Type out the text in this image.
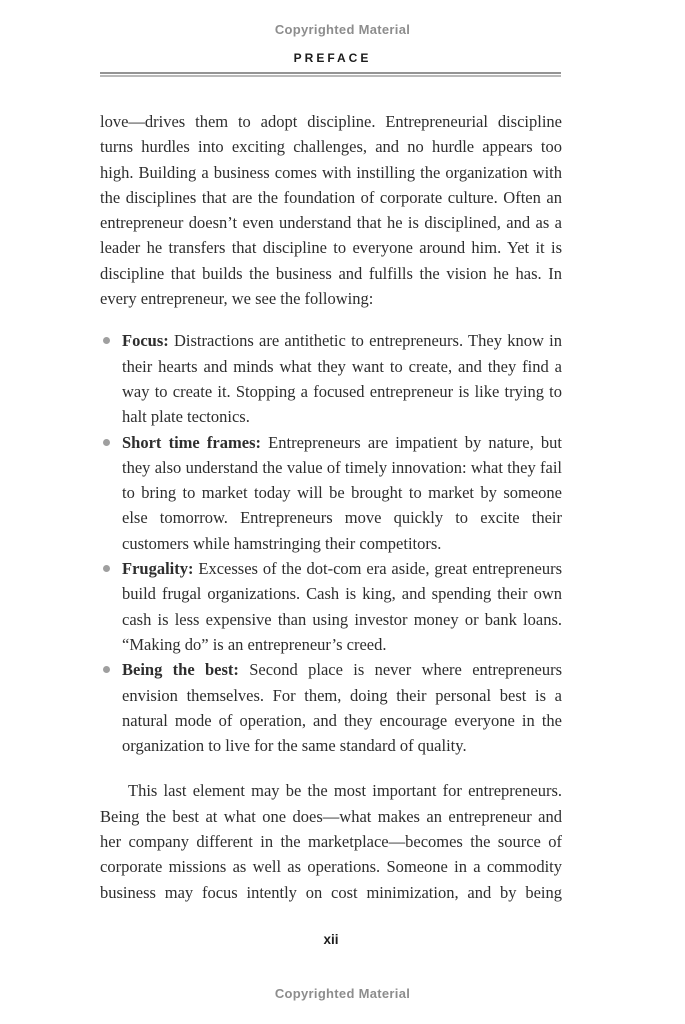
Copyrighted Material
PREFACE

love—drives them to adopt discipline. Entrepreneurial discipline turns hurdles into exciting challenges, and no hurdle appears too high. Building a business comes with instilling the organization with the disciplines that are the foundation of corporate culture. Often an entrepreneur doesn’t even understand that he is disciplined, and as a leader he transfers that discipline to everyone around him. Yet it is discipline that builds the business and fulfills the vision he has. In every entrepreneur, we see the following:

Focus: Distractions are antithetic to entrepreneurs. They know in their hearts and minds what they want to create, and they find a way to create it. Stopping a focused entrepreneur is like trying to halt plate tectonics.
Short time frames: Entrepreneurs are impatient by nature, but they also understand the value of timely innovation: what they fail to bring to market today will be brought to market by someone else tomorrow. Entrepreneurs move quickly to excite their customers while hamstringing their competitors.
Frugality: Excesses of the dot-com era aside, great entrepreneurs build frugal organizations. Cash is king, and spending their own cash is less expensive than using investor money or bank loans. “Making do” is an entrepreneur’s creed.
Being the best: Second place is never where entrepreneurs envision themselves. For them, doing their personal best is a natural mode of operation, and they encourage everyone in the organization to live for the same standard of quality.

This last element may be the most important for entrepreneurs. Being the best at what one does—what makes an entrepreneur and her company different in the marketplace—becomes the source of corporate missions as well as operations. Someone in a commodity business may focus intently on cost minimization, and by being

xii
Copyrighted Material
